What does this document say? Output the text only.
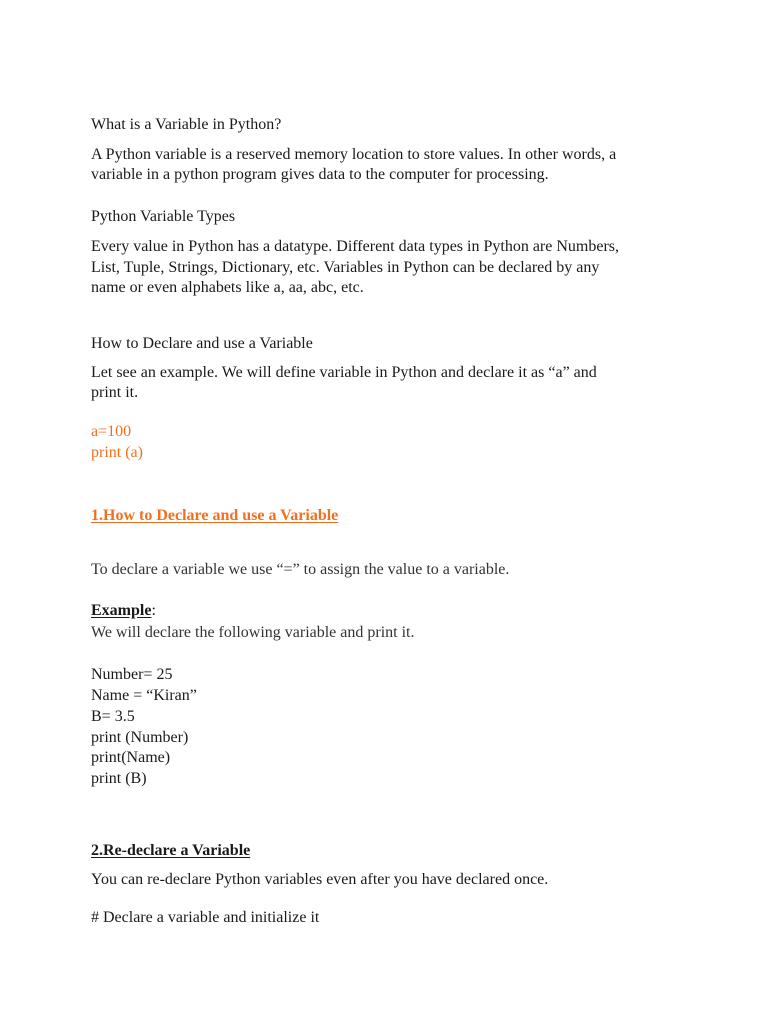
What is a Variable in Python?

A Python variable is a reserved memory location to store values. In other words, a

variable in a python program gives data to the computer for processing.

Python Variable Types

Every value in Python has a datatype. Different data types in Python are Numbers,

List, Tuple, Strings, Dictionary, etc. Variables in Python can be declared by any

name or even alphabets like a, aa, abc, etc.

How to Declare and use a Variable

Let see an example. We will define variable in Python and declare it as “a” and

print it.

a=100

print (a)

1.How to Declare and use a Variable

To declare a variable we use “=” to assign the value to a variable.

Example:

We will declare the following variable and print it.

Number= 25

Name = “Kiran”

B= 3.5

print (Number)

print(Name)

print (B)

2.Re-declare a Variable

You can re-declare Python variables even after you have declared once.

# Declare a variable and initialize it
